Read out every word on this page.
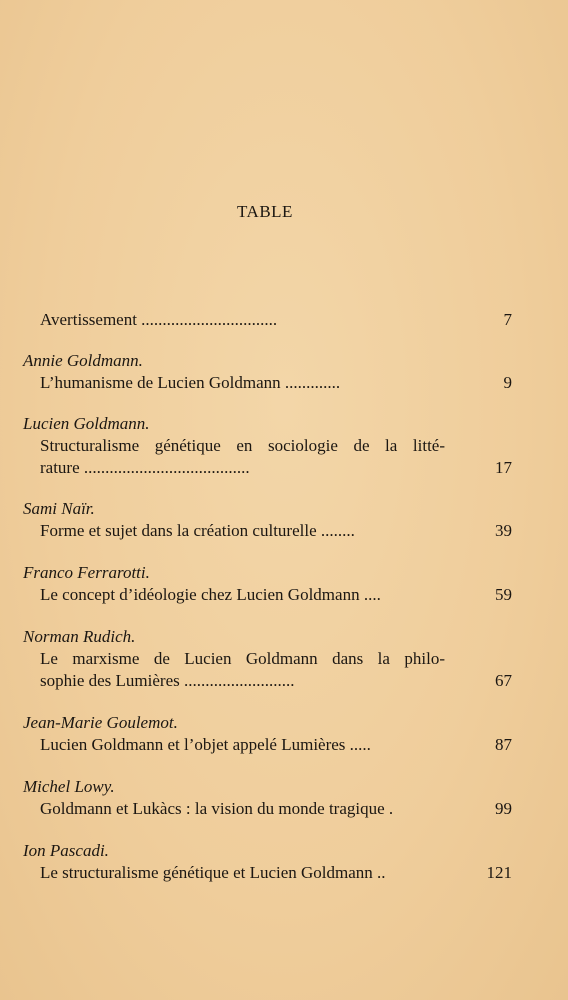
TABLE
Avertissement ................................	7
Annie Goldmann.
L’humanisme de Lucien Goldmann .............	9
Lucien Goldmann.
Structuralisme génétique en sociologie de la litté-
rature .......................................	17
Sami Naïr.
Forme et sujet dans la création culturelle ........	39
Franco Ferrarotti.
Le concept d’idéologie chez Lucien Goldmann ....	59
Norman Rudich.
Le marxisme de Lucien Goldmann dans la philo-
sophie des Lumières ..........................	67
Jean-Marie Goulemot.
Lucien Goldmann et l’objet appelé Lumières .....	87
Michel Lowy.
Goldmann et Lukàcs : la vision du monde tragique .	99
Ion Pascadi.
Le structuralisme génétique et Lucien Goldmann ..	121
